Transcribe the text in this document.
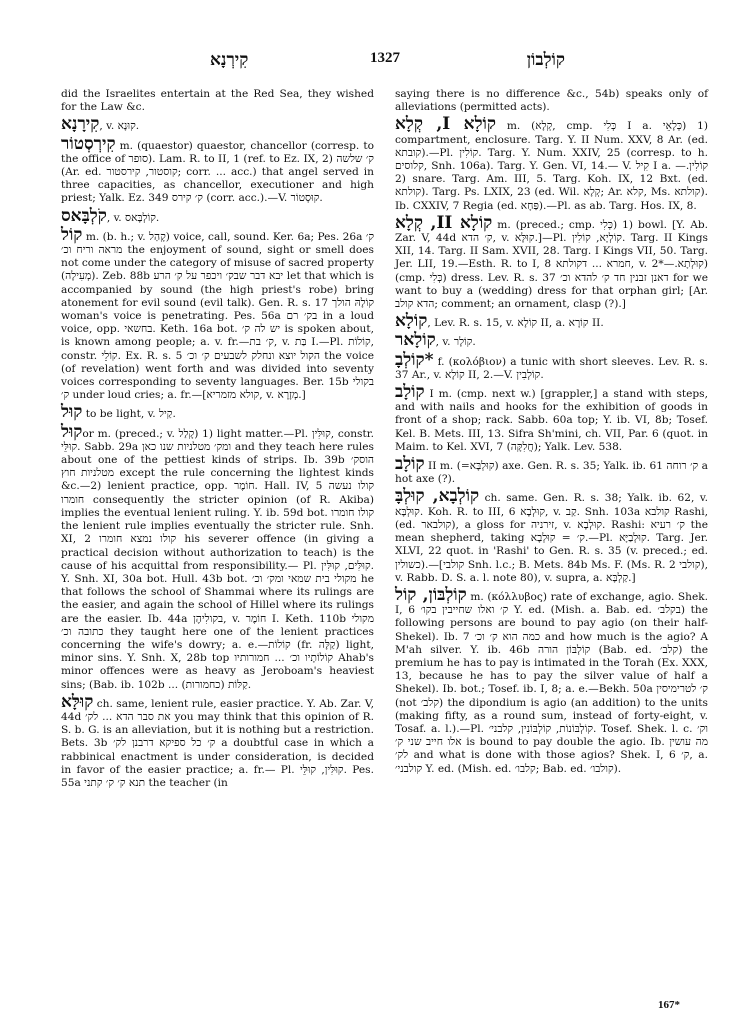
קִירְנָא	1327	קוֹלְבוֹן
did the Israelites entertain at the Red Sea, they wished for the Law &c.
קִירָנָא, v. קוּנָא.
קִירְסְטוֹר m. (quaestor) quaestor, chancellor (corresp. to the office of סופר). Lam. R. to II, 1 (ref. to Ez. IX, 2) ק׳ שלשה (Ar. ed. קוסטור, קירסטור; corr. ... acc.) that angel served in three capacities, as chancellor, executioner and high priest; Yalk. Ez. 349 ק׳ קירס (corr. acc.).—V. קוּסְטוֹר.
קֹלְבָּאס, v. קוֹלְבָּאס.
קוֹל m. (b. h.; v. קָהַל) voice, call, sound. Ker. 6a; Pes. 26a ק׳ מראה וריח וכ׳ the enjoyment of sound, sight or smell does not come under the category of misuse of sacred property (מְעִילָה). Zeb. 88b יבא דבר שבק׳ ויכפר על ק׳ הרע let that which is accompanied by sound (the high priest's robe) bring atonement for evil sound (evil talk). Gen. R. s. 17 קוֹלָהּ הולך woman's voice is penetrating. Pes. 56a בק׳ רם in a loud voice, opp. בחשאי. Keth. 16a bot. יש לה ק׳ is spoken about, is known among people; a. v. fr.—ק׳ בת, v. בַּת I.—Pl. קוֹלוֹת, constr. קוֹלֵי. Ex. R. s. 5 הקול יוצא ונחלק לשבעים ק׳ וכ׳ the voice (of revelation) went forth and was divided into seventy voices corresponding to seventy languages. Ber. 15b בקולי ק׳ under loud cries; a. fr.—[קולא מזמריא, v. מְזָרָא.]
קוּל to be light, v. קַיל.
קוּלor m. (preced.; v. קָלַל) 1) light matter.—Pl. קוּלִּין, constr. קוּלֵּי. Sabb. 29a ומק׳ מטלניות שנו כאן and they teach here rules about one of the pettiest kinds of strips. Ib. 39b הוסק׳ מטלניות חוץ except the rule concerning the lightest kinds &c.—2) lenient practice, opp. חוֹמֶר. Hall. IV, 5 קולו נעשה חומרו consequently the stricter opinion (of R. Akiba) implies the eventual lenient ruling. Y. ib. 59d bot. קולו חומרו the lenient rule implies eventually the stricter rule. Snh. XI, 2 קולו נמצא חומרו his severer offence (in giving a practical decision without authorization to teach) is the cause of his acquittal from responsibility.— Pl. קוּלִּים, קוּלִּין. Y. Snh. XI, 30a bot. Hull. 43b bot. מקולי בית שמאי ומק׳ וכ׳ he that follows the school of Shammai where its rulings are the easier, and again the school of Hillel where its rulings are the easier. Ib. 44a בקולִיהֶן, v. חוֹמֶר I. Keth. 110b מקולי כתובה וכ׳ they taught here one of the lenient practices concerning the wife's dowry; a. e.—קוֹלוֹת (fr. קַלָּה) light, minor sins. Y. Snh. X, 28b top קוֹלוֹתָיו וכ׳ ... חמורותיו Ahab's minor offences were as heavy as Jeroboam's heaviest sins; (Bab. ib. 102b ... קַלּוֹת (כחמורות).
קוּלָּא ch. same, lenient rule, easier practice. Y. Ab. Zar. V, 44d את סבר הדא ... לק׳ you may think that this opinion of R. S. b. G. is an alleviation, but it is nothing but a restriction. Bets. 3b ק׳ כל ספיקא דרבנן לק׳ a doubtful case in which a rabbinical enactment is under consideration, is decided in favor of the easier practice; a. fr.— Pl. קוּלִּין, קוּלֵּי. Pes. 55a תנא ק׳ ק׳ קתני the teacher (in
saying there is no difference &c., 54b) speaks only of alleviations (permitted acts).
קוֹלָא I, קְלָא m. (קְלָא, cmp. כְּלִי I a. כְּלָאֵי) 1) compartment, enclosure. Targ. Y. II Num. XXV, 8 Ar. (ed. קובתא).—Pl. קוֹלִין. Targ. Y. Num. XXIV, 25 (corresp. to h. קלוסים, Snh. 106a). Targ. Y. Gen. VI, 14.— V. קִיל I a. קוֹלִין.—2) snare. Targ. Am. III, 5. Targ. Koh. IX, 12 Bxt. (ed. קולתא). Targ. Ps. LXIX, 23 (ed. Wil. קְלָא; Ar. קלא, Ms. קולתא). Ib. CXXIV, 7 Regia (ed. פַּחָא).—Pl. as ab. Targ. Hos. IX, 8.
קוֹלָא II, קְלָא m. (preced.; cmp. כְּלִי) 1) bowl. [Y. Ab. Zar. V, 44d ק׳ הדא, v. קוּלָּא.]—Pl. קוֹלְיָא, קוֹלִין. Targ. II Kings XII, 14. Targ. II Sam. XVII, 28. Targ. I Kings VII, 50. Targ. Jer. LII, 19.—Esth. R. to I, 8 חמרא ... דקולתא, v. קוּלְתָא.—*2) (cmp. כְּלִי) dress. Lev. R. s. 37 דאנן זבנין חד ק׳ להדא וכ׳ for we want to buy a (wedding) dress for that orphan girl; [Ar. הדא קולב; comment; an ornament, clasp (?).]
קוֹלָא, Lev. R. s. 15, v. קוֹלָא II, a. קוֹרָא II.
קוֹלָאר, v. קוֹלָר.
*קוֹלְבָ f. (κολόβιον) a tunic with short sleeves. Lev. R. s. 37 Ar., v. קוֹלָא II, 2.—V. קוֹלְבִין.
קוֹלָב I m. (cmp. next w.) [grappler,] a stand with steps, and with nails and hooks for the exhibition of goods in front of a shop; rack. Sabb. 60a top; Y. ib. VI, 8b; Tosef. Kel. B. Mets. III, 13. Sifra Sh'mini, ch. VII, Par. 6 (quot. in Maim. to Kel. XVI, 7 (חֲלִקָּה); Yalk. Lev. 538.
קוֹלָב II m. (=קוּלְבָּא) axe. Gen. R. s. 35; Yalk. ib. 61 ק׳ רוחה a hot axe (?).
קוֹלְבָא, קוּלְבָּ ch. same. Gen. R. s. 38; Yalk. ib. 62, v. קוּלְבָּא. Koh. R. to III, 6 קוּלְבָא, v. קַב. Snh. 103a קולבא Rashi, (ed. קולבאר), a gloss for זירניה, v. קוּלְבָא. Rashi: ק׳ רעיא the mean shepherd, taking ק׳ = קוּלְבָא.—Pl. קוּלְבַיָּא. Targ. Jer. XLVI, 22 quot. in 'Rashi' to Gen. R. s. 35 (v. preced.; ed. כשולין).—[קולבי Snh. l.c.; B. Mets. 84b Ms. F. (Ms. R. 2 קולבי), v. Rabb. D. S. a. l. note 80), v. supra, a. קַלְבָּא.]
קוֹלְבּוֹן, קוֹל m. (κόλλυβος) rate of exchange, agio. Shek. I, 6 ק׳ ואלו שחייבין בקו׳ Y. ed. (Mish. a. Bab. ed. בקלב׳) the following persons are bound to pay agio (on their half-Shekel). Ib. 7 כמה הוא ק׳ וכ׳ and how much is the agio? A M'ah silver. Y. ib. 46b קוֹלְבּוֹן הורה (Bab. ed. קלב׳) the premium he has to pay is intimated in the Torah (Ex. XXX, 13, because he has to pay the silver value of half a Shekel). Ib. bot.; Tosef. ib. I, 8; a. e.—Bekh. 50a ק׳ לטרימיסין (not קלב׳) the dipondium is agio (an addition) to the units (making fifty, as a round sum, instead of forty-eight, v. Tosaf. a. l.).—Pl. קוֹלְבּוֹנוֹת, קוֹלְבּוֹנִין, קלבני׳. Tosef. Shek. l. c. וק׳ אלו חייב שני ק׳ is bound to pay double the agio. Ib. מה עושין לק׳ and what is done with those agios? Shek. I, 6 ק׳, a. קולבני׳ Y. ed. (Mish. ed. קלבו׳; Bab. ed. קולבו׳).
167*
